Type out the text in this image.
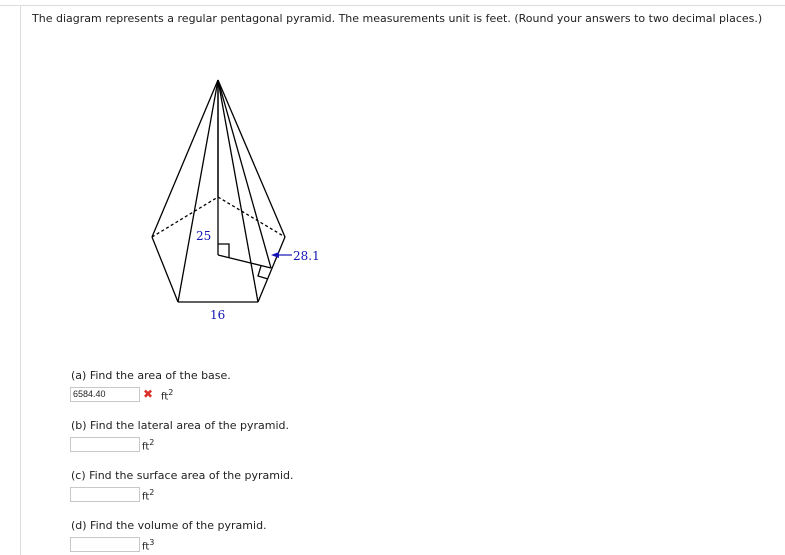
The diagram represents a regular pentagonal pyramid. The measurements unit is feet. (Round your answers to two decimal places.)
25
28.1
16
(a) Find the area of the base.
6584.40	✖ $ft^2$
(b) Find the lateral area of the pyramid.
$ft^2$
(c) Find the surface area of the pyramid.
$ft^2$
(d) Find the volume of the pyramid.
$ft^3$
